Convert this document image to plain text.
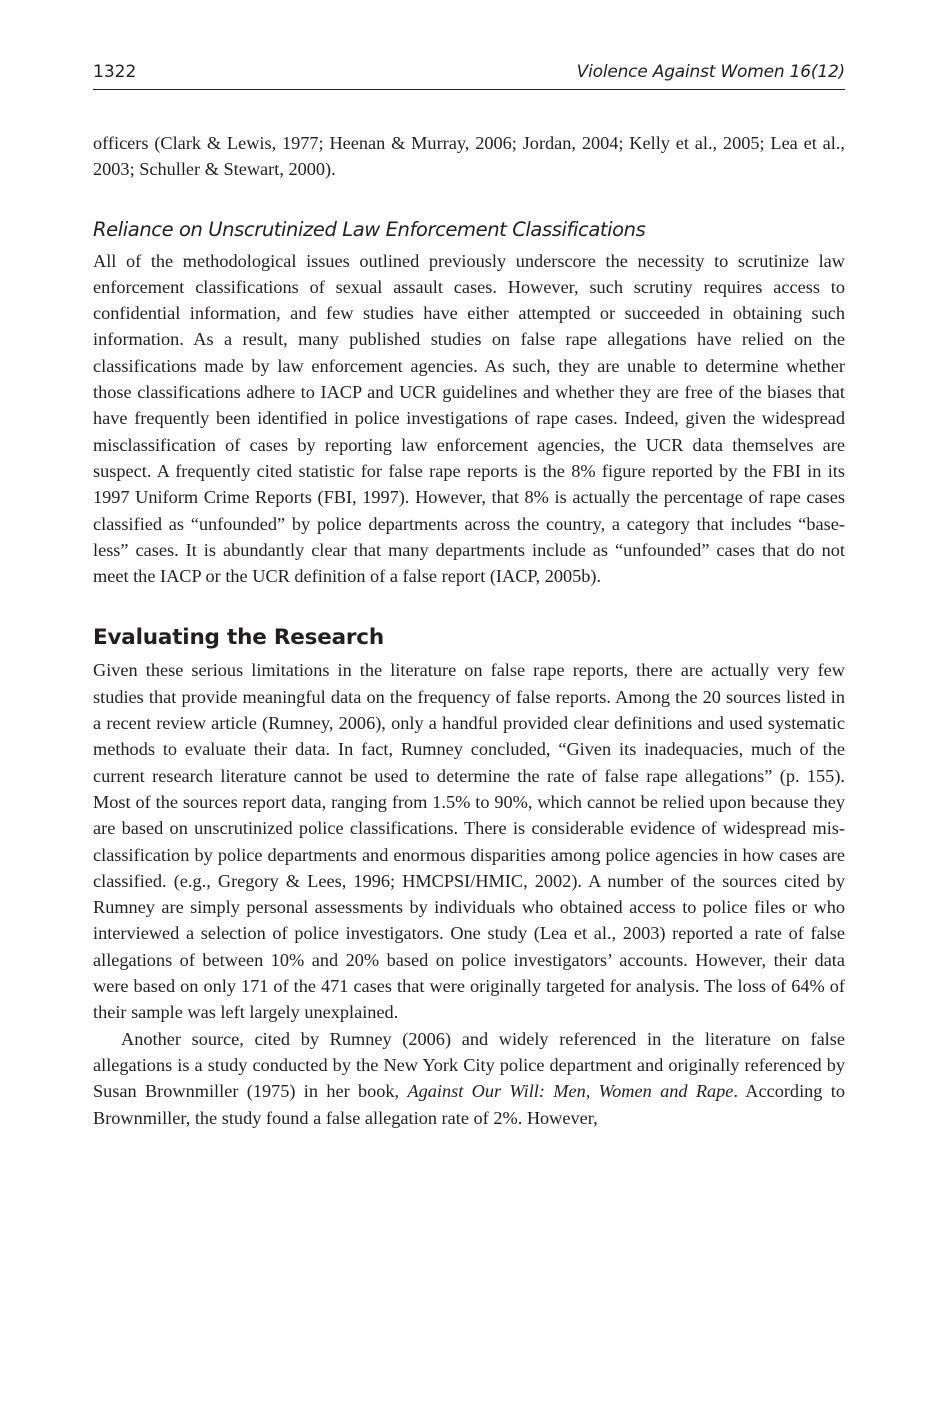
1322	Violence Against Women 16(12)

officers (Clark & Lewis, 1977; Heenan & Murray, 2006; Jordan, 2004; Kelly et al., 2005; Lea et al., 2003; Schuller & Stewart, 2000).

Reliance on Unscrutinized Law Enforcement Classifications

All of the methodological issues outlined previously underscore the necessity to scrutinize law enforcement classifications of sexual assault cases. However, such scrutiny requires access to confidential information, and few studies have either attempted or succeeded in obtaining such information. As a result, many published studies on false rape allegations have relied on the classifications made by law enforcement agencies. As such, they are unable to determine whether those classifications adhere to IACP and UCR guidelines and whether they are free of the biases that have frequently been identified in police investigations of rape cases. Indeed, given the widespread misclassification of cases by reporting law enforcement agencies, the UCR data themselves are suspect. A frequently cited statistic for false rape reports is the 8% figure reported by the FBI in its 1997 Uniform Crime Reports (FBI, 1997). However, that 8% is actually the percentage of rape cases classified as “unfounded” by police departments across the country, a category that includes “baseless” cases. It is abundantly clear that many departments include as “unfounded” cases that do not meet the IACP or the UCR definition of a false report (IACP, 2005b).

Evaluating the Research

Given these serious limitations in the literature on false rape reports, there are actually very few studies that provide meaningful data on the frequency of false reports. Among the 20 sources listed in a recent review article (Rumney, 2006), only a handful provided clear definitions and used systematic methods to evaluate their data. In fact, Rumney concluded, “Given its inadequacies, much of the current research literature cannot be used to determine the rate of false rape allegations” (p. 155). Most of the sources report data, ranging from 1.5% to 90%, which cannot be relied upon because they are based on unscrutinized police classifications. There is considerable evidence of widespread misclassification by police departments and enormous disparities among police agencies in how cases are classified. (e.g., Gregory & Lees, 1996; HMCPSI/HMIC, 2002). A number of the sources cited by Rumney are simply personal assessments by individuals who obtained access to police files or who interviewed a selection of police investigators. One study (Lea et al., 2003) reported a rate of false allegations of between 10% and 20% based on police investigators’ accounts. However, their data were based on only 171 of the 471 cases that were originally targeted for analysis. The loss of 64% of their sample was left largely unexplained.

Another source, cited by Rumney (2006) and widely referenced in the literature on false allegations is a study conducted by the New York City police department and originally referenced by Susan Brownmiller (1975) in her book, Against Our Will: Men, Women and Rape. According to Brownmiller, the study found a false allegation rate of 2%. However,
